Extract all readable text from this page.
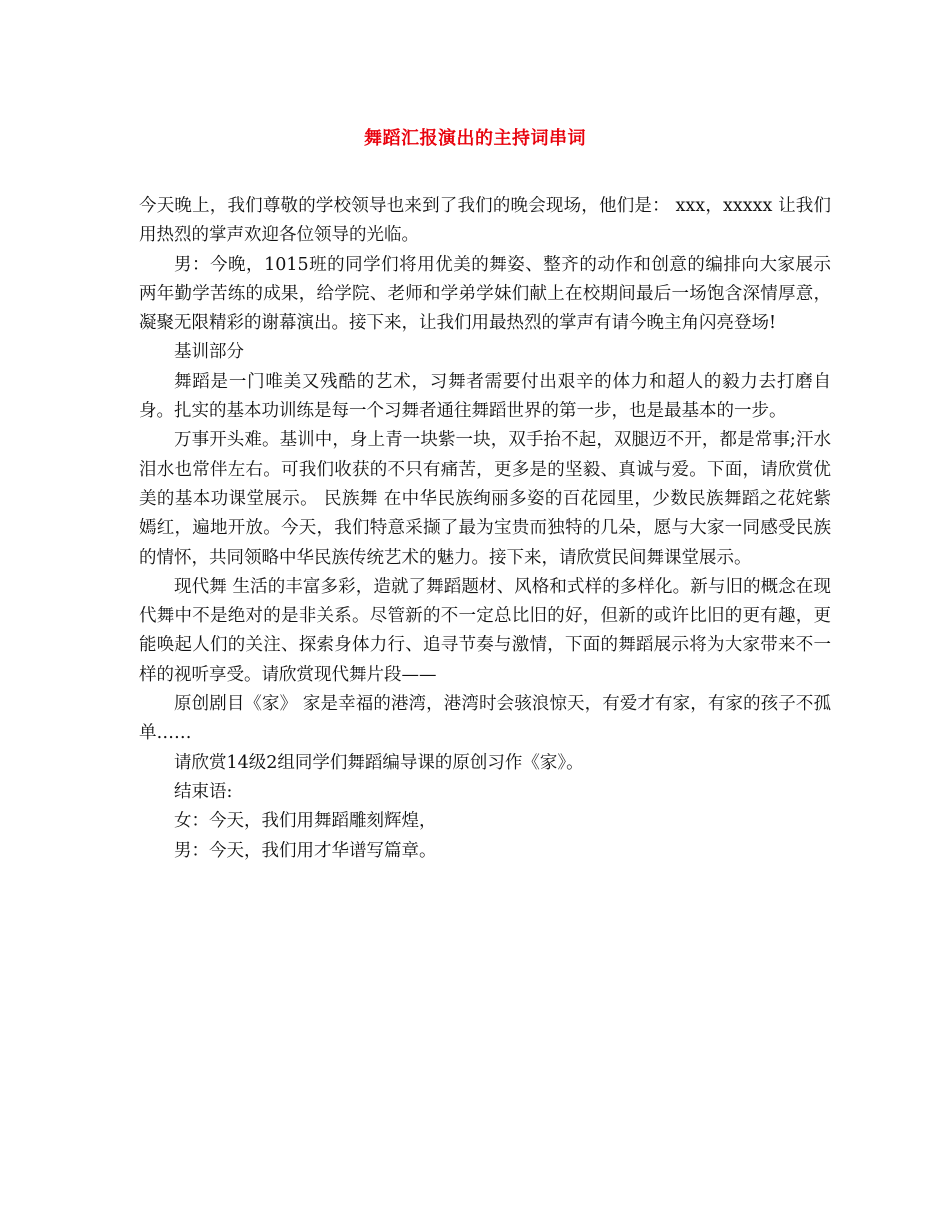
舞蹈汇报演出的主持词串词

今天晚上，我们尊敬的学校领导也来到了我们的晚会现场，他们是： xxx，xxxxx 让我们用热烈的掌声欢迎各位领导的光临。

男：今晚，1015班的同学们将用优美的舞姿、整齐的动作和创意的编排向大家展示两年勤学苦练的成果，给学院、老师和学弟学妹们献上在校期间最后一场饱含深情厚意，凝聚无限精彩的谢幕演出。接下来，让我们用最热烈的掌声有请今晚主角闪亮登场!

基训部分

舞蹈是一门唯美又残酷的艺术，习舞者需要付出艰辛的体力和超人的毅力去打磨自身。扎实的基本功训练是每一个习舞者通往舞蹈世界的第一步，也是最基本的一步。

万事开头难。基训中，身上青一块紫一块，双手抬不起，双腿迈不开，都是常事;汗水泪水也常伴左右。可我们收获的不只有痛苦，更多是的坚毅、真诚与爱。下面，请欣赏优美的基本功课堂展示。 民族舞 在中华民族绚丽多姿的百花园里，少数民族舞蹈之花姹紫嫣红，遍地开放。今天，我们特意采撷了最为宝贵而独特的几朵，愿与大家一同感受民族的情怀，共同领略中华民族传统艺术的魅力。接下来，请欣赏民间舞课堂展示。

现代舞 生活的丰富多彩，造就了舞蹈题材、风格和式样的多样化。新与旧的概念在现代舞中不是绝对的是非关系。尽管新的不一定总比旧的好，但新的或许比旧的更有趣，更能唤起人们的关注、探索身体力行、追寻节奏与激情，下面的舞蹈展示将为大家带来不一样的视听享受。请欣赏现代舞片段——

原创剧目《家》 家是幸福的港湾，港湾时会骇浪惊天，有爱才有家，有家的孩子不孤单……

请欣赏14级2组同学们舞蹈编导课的原创习作《家》。

结束语:

女：今天，我们用舞蹈雕刻辉煌，

男：今天，我们用才华谱写篇章。
